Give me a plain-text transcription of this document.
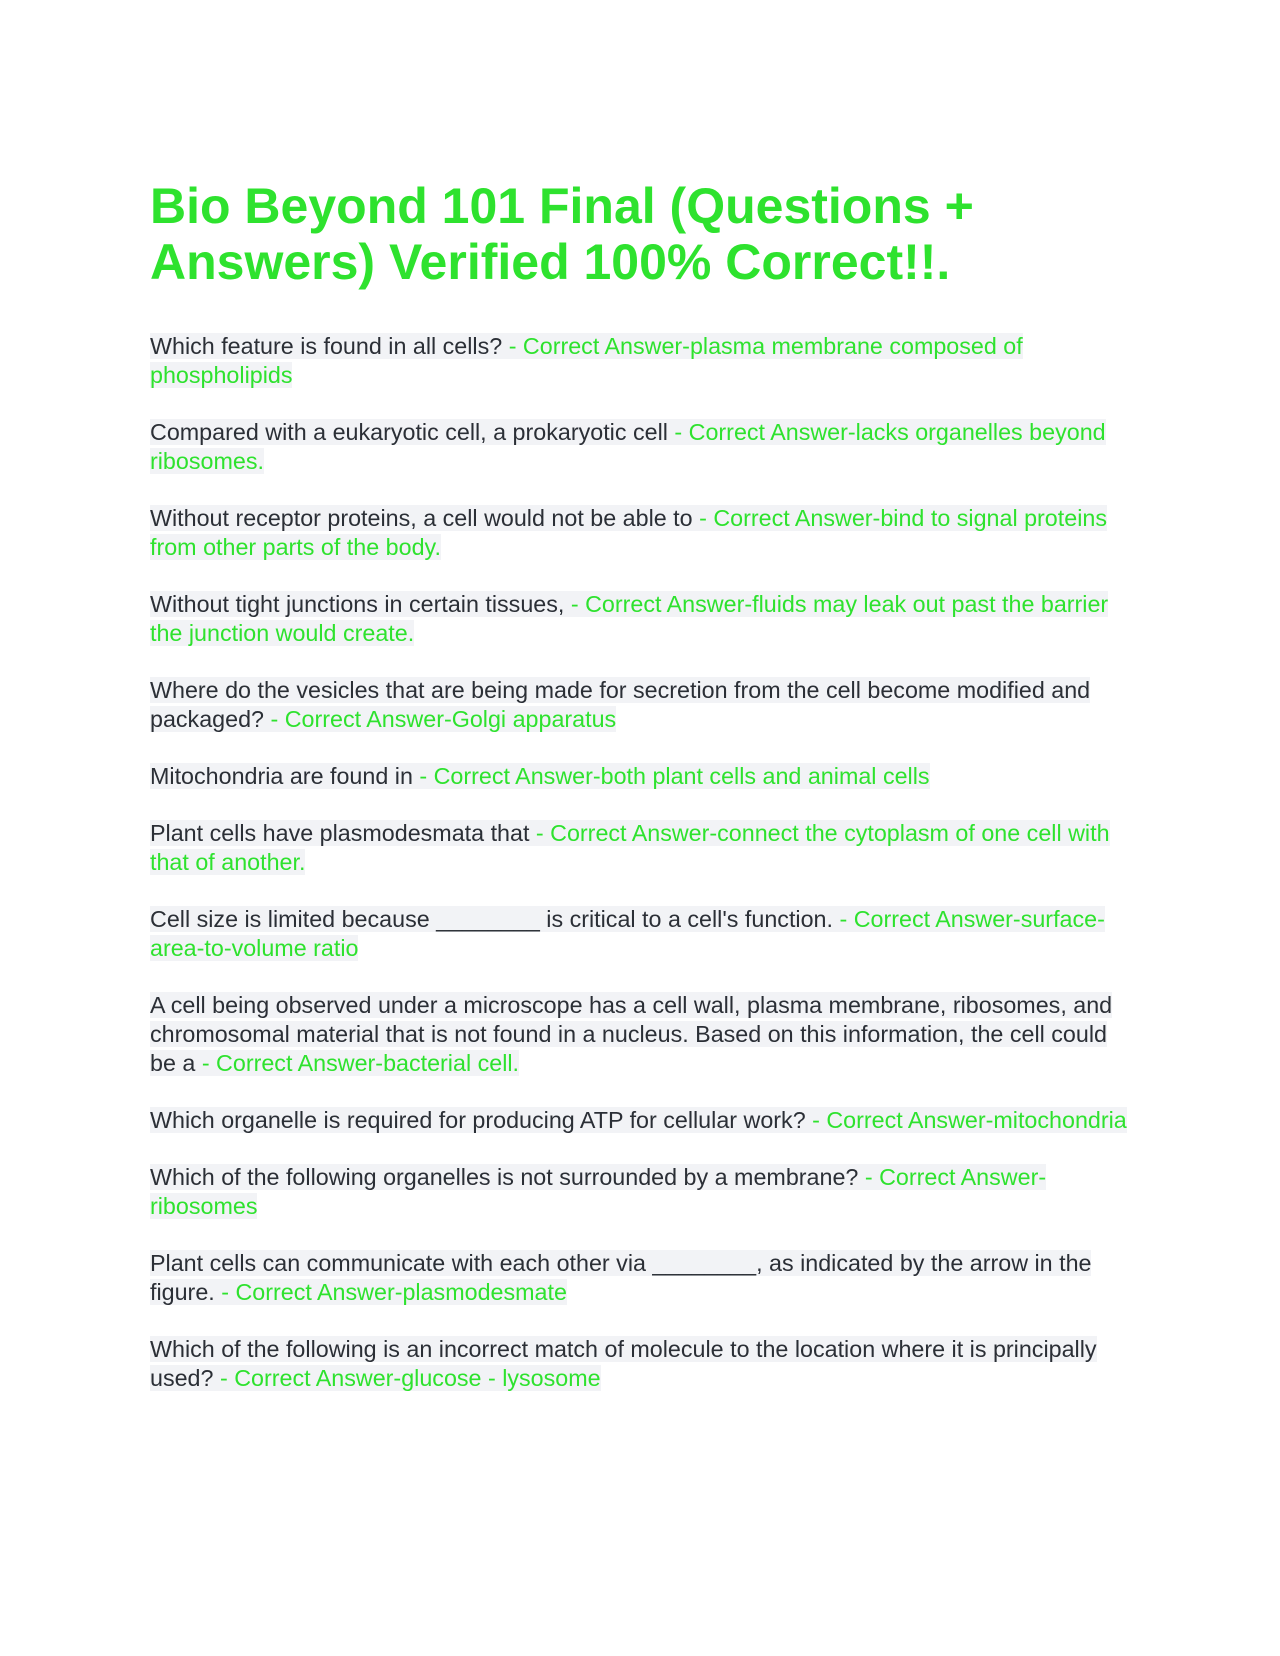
Bio Beyond 101 Final (Questions + Answers) Verified 100% Correct!!.

Which feature is found in all cells? - Correct Answer-plasma membrane composed of phospholipids

Compared with a eukaryotic cell, a prokaryotic cell - Correct Answer-lacks organelles beyond ribosomes.

Without receptor proteins, a cell would not be able to - Correct Answer-bind to signal proteins from other parts of the body.

Without tight junctions in certain tissues, - Correct Answer-fluids may leak out past the barrier the junction would create.

Where do the vesicles that are being made for secretion from the cell become modified and packaged? - Correct Answer-Golgi apparatus

Mitochondria are found in - Correct Answer-both plant cells and animal cells

Plant cells have plasmodesmata that - Correct Answer-connect the cytoplasm of one cell with that of another.

Cell size is limited because ________ is critical to a cell's function. - Correct Answer-surface-area-to-volume ratio

A cell being observed under a microscope has a cell wall, plasma membrane, ribosomes, and chromosomal material that is not found in a nucleus. Based on this information, the cell could be a - Correct Answer-bacterial cell.

Which organelle is required for producing ATP for cellular work? - Correct Answer-mitochondria

Which of the following organelles is not surrounded by a membrane? - Correct Answer-ribosomes

Plant cells can communicate with each other via ________, as indicated by the arrow in the figure. - Correct Answer-plasmodesmate

Which of the following is an incorrect match of molecule to the location where it is principally used? - Correct Answer-glucose - lysosome
